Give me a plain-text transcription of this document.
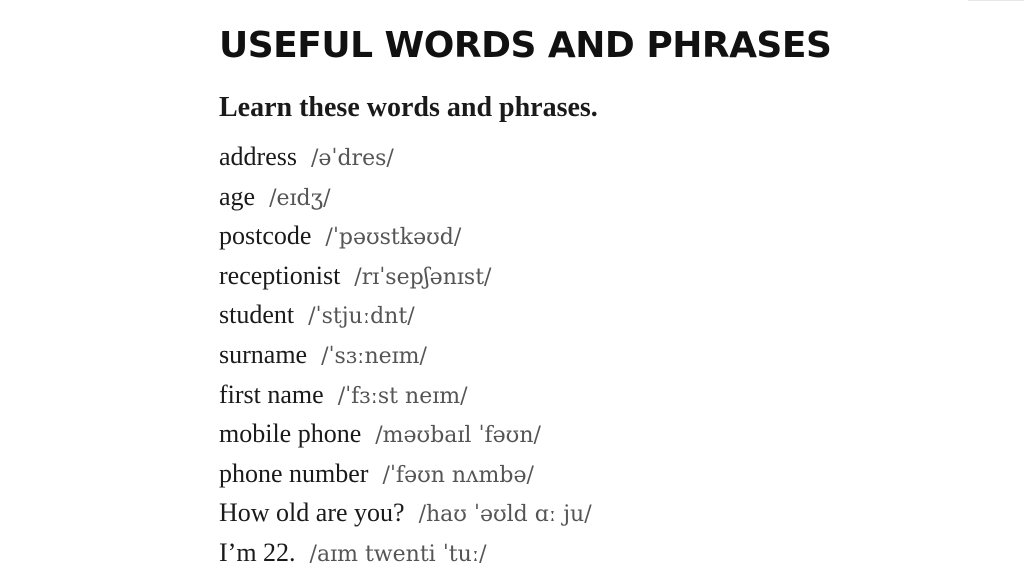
USEFUL WORDS AND PHRASES
Learn these words and phrases.
address /əˈdres/
age /eɪdʒ/
postcode /ˈpəʊstkəʊd/
receptionist /rɪˈsepʃənɪst/
student /ˈstjuːdnt/
surname /ˈsɜːneɪm/
first name /ˈfɜːst neɪm/
mobile phone /məʊbaɪl ˈfəʊn/
phone number /ˈfəʊn nʌmbə/
How old are you? /haʊ ˈəʊld ɑː ju/
I’m 22. /aɪm twenti ˈtuː/
